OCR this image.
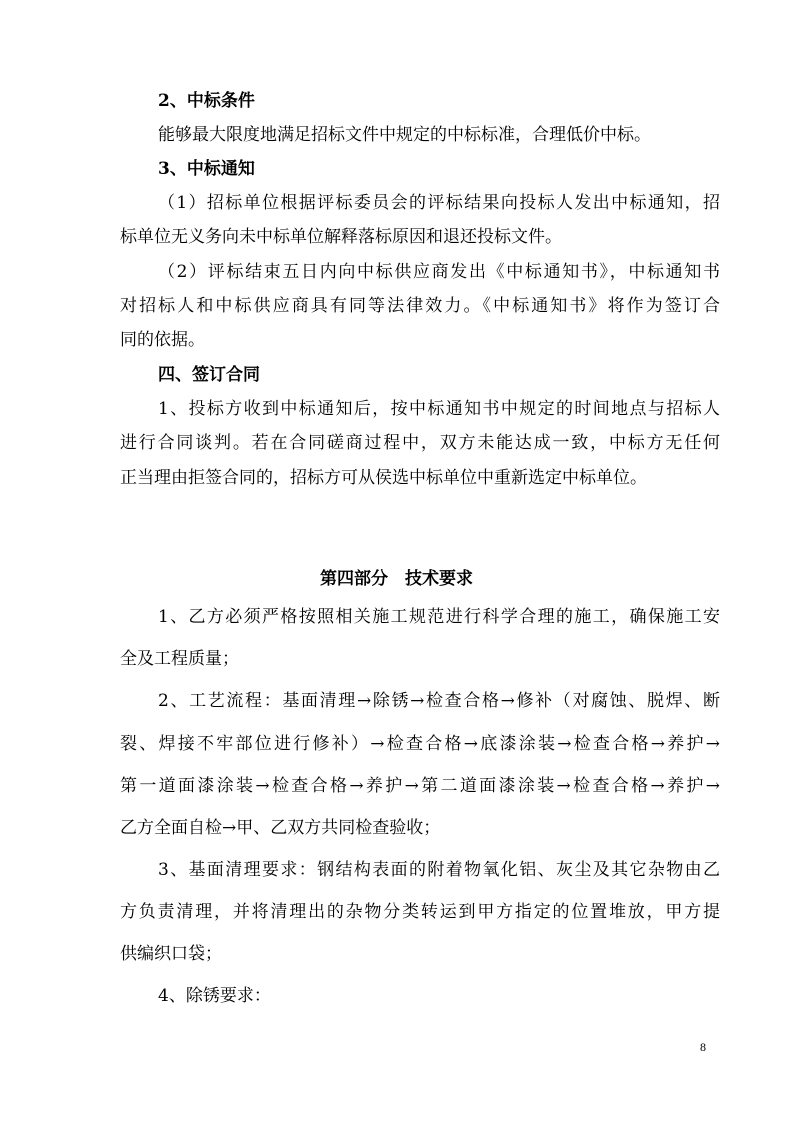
2、中标条件

能够最大限度地满足招标文件中规定的中标标准，合理低价中标。

3、中标通知

（1）招标单位根据评标委员会的评标结果向投标人发出中标通知，招

标单位无义务向未中标单位解释落标原因和退还投标文件。

（2）评标结束五日内向中标供应商发出《中标通知书》，中标通知书

对招标人和中标供应商具有同等法律效力。《中标通知书》将作为签订合

同的依据。

四、签订合同

1、投标方收到中标通知后，按中标通知书中规定的时间地点与招标人

进行合同谈判。若在合同磋商过程中，双方未能达成一致，中标方无任何

正当理由拒签合同的，招标方可从侯选中标单位中重新选定中标单位。

第四部分　技术要求

1、乙方必须严格按照相关施工规范进行科学合理的施工，确保施工安

全及工程质量；

2、工艺流程：基面清理→除锈→检查合格→修补（对腐蚀、脱焊、断

裂、焊接不牢部位进行修补）→检查合格→底漆涂装→检查合格→养护→

第一道面漆涂装→检查合格→养护→第二道面漆涂装→检查合格→养护→

乙方全面自检→甲、乙双方共同检查验收；

3、基面清理要求：钢结构表面的附着物氧化铝、灰尘及其它杂物由乙

方负责清理，并将清理出的杂物分类转运到甲方指定的位置堆放，甲方提

供编织口袋；

4、除锈要求：

8
